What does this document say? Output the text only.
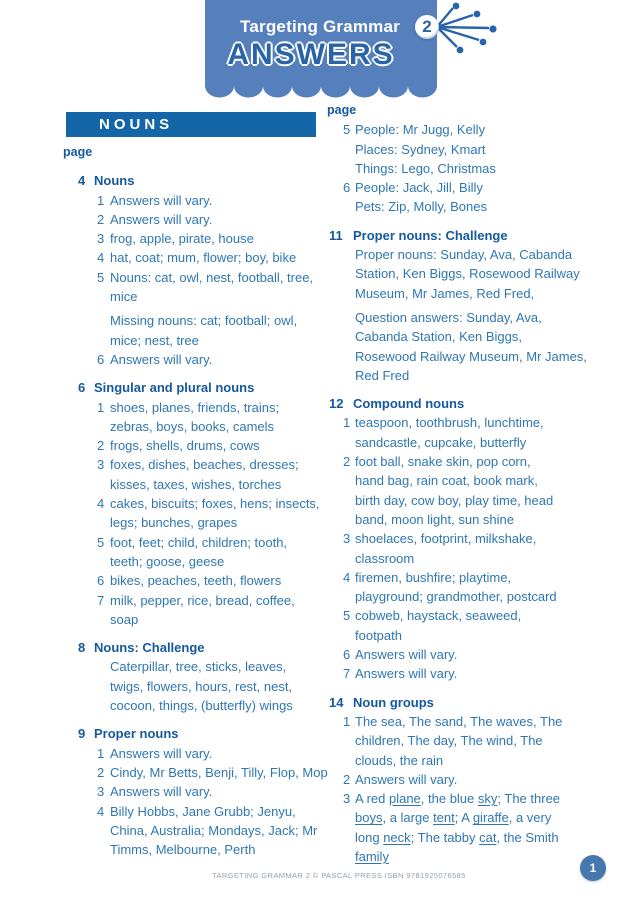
Targeting Grammar
ANSWERS
2
NOUNS
page
4 Nouns
1 Answers will vary.
2 Answers will vary.
3 frog, apple, pirate, house
4 hat, coat; mum, flower; boy, bike
5 Nouns: cat, owl, nest, football, tree,
mice
Missing nouns: cat; football; owl,
mice; nest, tree
6 Answers will vary.
6 Singular and plural nouns
1 shoes, planes, friends, trains;
zebras, boys, books, camels
2 frogs, shells, drums, cows
3 foxes, dishes, beaches, dresses;
kisses, taxes, wishes, torches
4 cakes, biscuits; foxes, hens; insects,
legs; bunches, grapes
5 foot, feet; child, children; tooth,
teeth; goose, geese
6 bikes, peaches, teeth, flowers
7 milk, pepper, rice, bread, coffee,
soap
8 Nouns: Challenge
Caterpillar, tree, sticks, leaves,
twigs, flowers, hours, rest, nest,
cocoon, things, (butterfly) wings
9 Proper nouns
1 Answers will vary.
2 Cindy, Mr Betts, Benji, Tilly, Flop, Mop
3 Answers will vary.
4 Billy Hobbs, Jane Grubb; Jenyu,
China, Australia; Mondays, Jack; Mr
Timms, Melbourne, Perth
page
5 People: Mr Jugg, Kelly
Places: Sydney, Kmart
Things: Lego, Christmas
6 People: Jack, Jill, Billy
Pets: Zip, Molly, Bones
11 Proper nouns: Challenge
Proper nouns: Sunday, Ava, Cabanda
Station, Ken Biggs, Rosewood Railway
Museum, Mr James, Red Fred,
Question answers: Sunday, Ava,
Cabanda Station, Ken Biggs,
Rosewood Railway Museum, Mr James,
Red Fred
12 Compound nouns
1 teaspoon, toothbrush, lunchtime,
sandcastle, cupcake, butterfly
2 foot ball, snake skin, pop corn,
hand bag, rain coat, book mark,
birth day, cow boy, play time, head
band, moon light, sun shine
3 shoelaces, footprint, milkshake,
classroom
4 firemen, bushfire; playtime,
playground; grandmother, postcard
5 cobweb, haystack, seaweed,
footpath
6 Answers will vary.
7 Answers will vary.
14 Noun groups
1 The sea, The sand, The waves, The
children, The day, The wind, The
clouds, the rain
2 Answers will vary.
3 A red plane, the blue sky; The three
boys, a large tent; A giraffe, a very
long neck; The tabby cat, the Smith
family
TARGETING GRAMMAR 2 © PASCAL PRESS ISBN 9781925076585
1
